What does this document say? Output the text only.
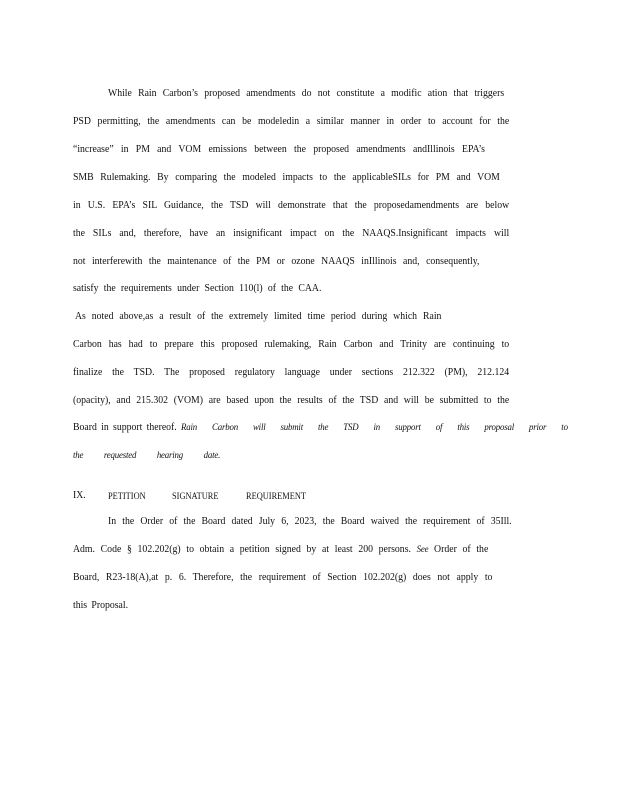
While Rain Carbon’s proposed amendments do not constitute a modific ation that triggers
PSD permitting, the amendments can be modeledin a similar manner in order to account for the
“increase” in PM and VOM emissions between the proposed amendments andIllinois EPA’s
SMB Rulemaking. By comparing the modeled impacts to the applicableSILs for PM and VOM
in U.S. EPA’s SIL Guidance, the TSD will demonstrate that the proposedamendments are below
the SILs and, therefore, have an insignificant impact on the NAAQS.Insignificant impacts will
not interferewith the maintenance of the PM or ozone NAAQS inIllinois and, consequently,
satisfy the requirements under Section 110(l) of the CAA.
As noted above,as a result of the extremely limited time period during which Rain
Carbon has had to prepare this proposed rulemaking, Rain Carbon and Trinity are continuing to
finalize the TSD. The proposed regulatory language under sections 212.322 (PM), 212.124
(opacity), and 215.302 (VOM) are based upon the results of the TSD and will be submitted to the
Board in support thereof. Rain Carbon will submit the TSD in support of this proposal prior to
the requested hearing date.
IX. PETITION	SIGNATURE	REQUIREMENT
In the Order of the Board dated July 6, 2023, the Board waived the requirement of 35Ill.
Adm. Code § 102.202(g) to obtain a petition signed by at least 200 persons. See Order of the
Board, R23-18(A),at p. 6. Therefore, the requirement of Section 102.202(g) does not apply to
this Proposal.
